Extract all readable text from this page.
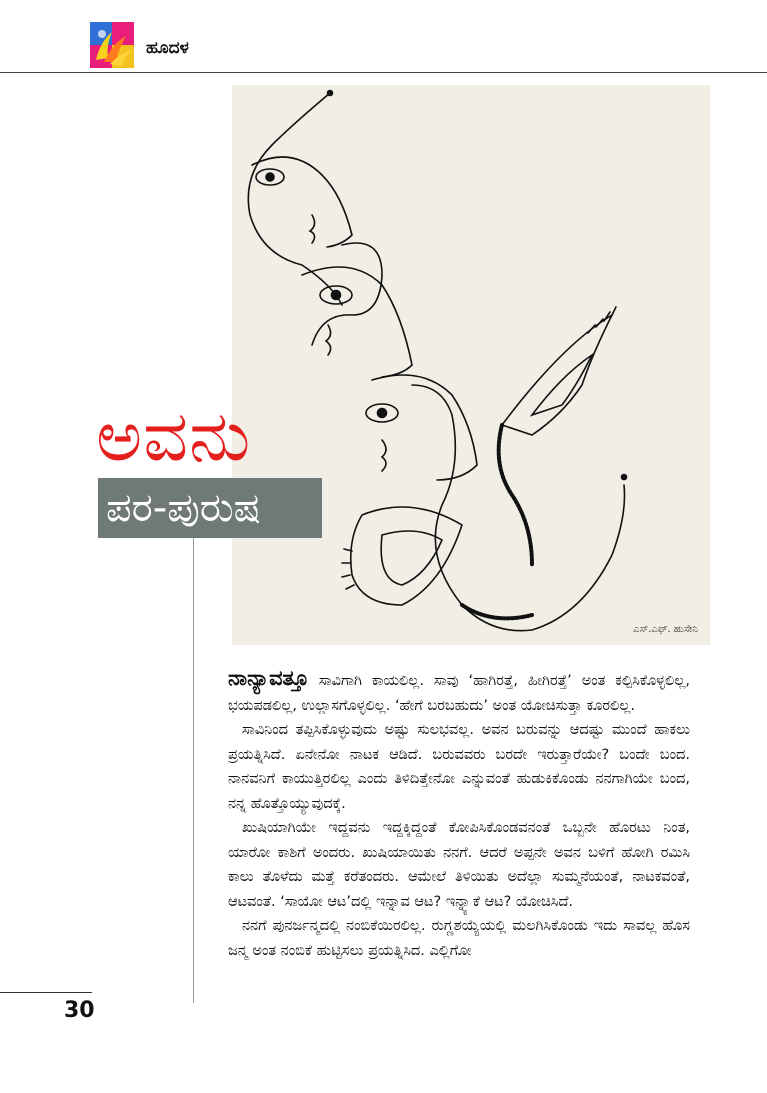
ಹೂದಳ
ಎಸ್.ಎಫ್. ಹುಸೇನಿ
ಅವನು
ಪರ-ಪುರುಷ

ನಾನ್ಯಾವತ್ತೂ ಸಾವಿಗಾಗಿ ಕಾಯಲಿಲ್ಲ. ಸಾವು ‘ಹಾಗಿರತ್ತೆ, ಹೀಗಿರತ್ತೆ’ ಅಂತ ಕಲ್ಪಿಸಿಕೊಳ್ಳಲಿಲ್ಲ, ಭಯಪಡಲಿಲ್ಲ, ಉಲ್ಲಾಸಗೊಳ್ಳಲಿಲ್ಲ. ‘ಹೇಗೆ ಬರಬಹುದು’ ಅಂತ ಯೋಚಿಸುತ್ತಾ ಕೂರಲಿಲ್ಲ.

ಸಾವಿನಿಂದ ತಪ್ಪಿಸಿಕೊಳ್ಳುವುದು ಅಷ್ಟು ಸುಲಭವಲ್ಲ. ಅವನ ಬರುವನ್ನು ಆದಷ್ಟು ಮುಂದೆ ಹಾಕಲು ಪ್ರಯತ್ನಿಸಿದೆ. ಏನೇನೋ ನಾಟಕ ಆಡಿದೆ. ಬರುವವರು ಬರದೇ ಇರುತ್ತಾರೆಯೇ? ಬಂದೇ ಬಂದ. ನಾನವನಿಗೆ ಕಾಯುತ್ತಿರಲಿಲ್ಲ ಎಂದು ತಿಳಿದಿತ್ತೇನೋ ಎನ್ನುವಂತೆ ಹುಡುಕಿಕೊಂಡು ನನಗಾಗಿಯೇ ಬಂದ, ನನ್ನ ಹೊತ್ತೊಯ್ಯುವುದಕ್ಕೆ.

ಖುಷಿಯಾಗಿಯೇ ಇದ್ದವನು ಇದ್ದಕ್ಕಿದ್ದಂತೆ ಕೋಪಿಸಿಕೊಂಡವನಂತೆ ಒಬ್ಬನೇ ಹೊರಟು ನಿಂತ, ಯಾರೋ ಕಾಶಿಗೆ ಅಂದರು. ಖುಷಿಯಾಯಿತು ನನಗೆ. ಆದರೆ ಅಪ್ಪನೇ ಅವನ ಬಳಿಗೆ ಹೋಗಿ ರಮಿಸಿ ಕಾಲು ತೊಳೆದು ಮತ್ತೆ ಕರೆತಂದರು. ಆಮೇಲೆ ತಿಳಿಯಿತು ಅದೆಲ್ಲಾ ಸುಮ್ಮನೆಯಂತೆ, ನಾಟಕವಂತೆ, ಆಟವಂತೆ. ‘ಸಾಯೋ ಆಟ’ದಲ್ಲಿ ಇನ್ನಾವ ಆಟ? ಇನ್ನ್ಯಾಕೆ ಆಟ? ಯೋಚಿಸಿದೆ.

ನನಗೆ ಪುನರ್ಜನ್ಮದಲ್ಲಿ ನಂಬಿಕೆಯಿರಲಿಲ್ಲ. ರುಗ್ಣಶಯ್ಯೆಯಲ್ಲಿ ಮಲಗಿಸಿಕೊಂಡು ಇದು ಸಾವಲ್ಲ ಹೊಸ ಜನ್ಮ ಅಂತ ನಂಬಿಕೆ ಹುಟ್ಟಿಸಲು ಪ್ರಯತ್ನಿಸಿದ. ಎಲ್ಲಿಗೋ

30
